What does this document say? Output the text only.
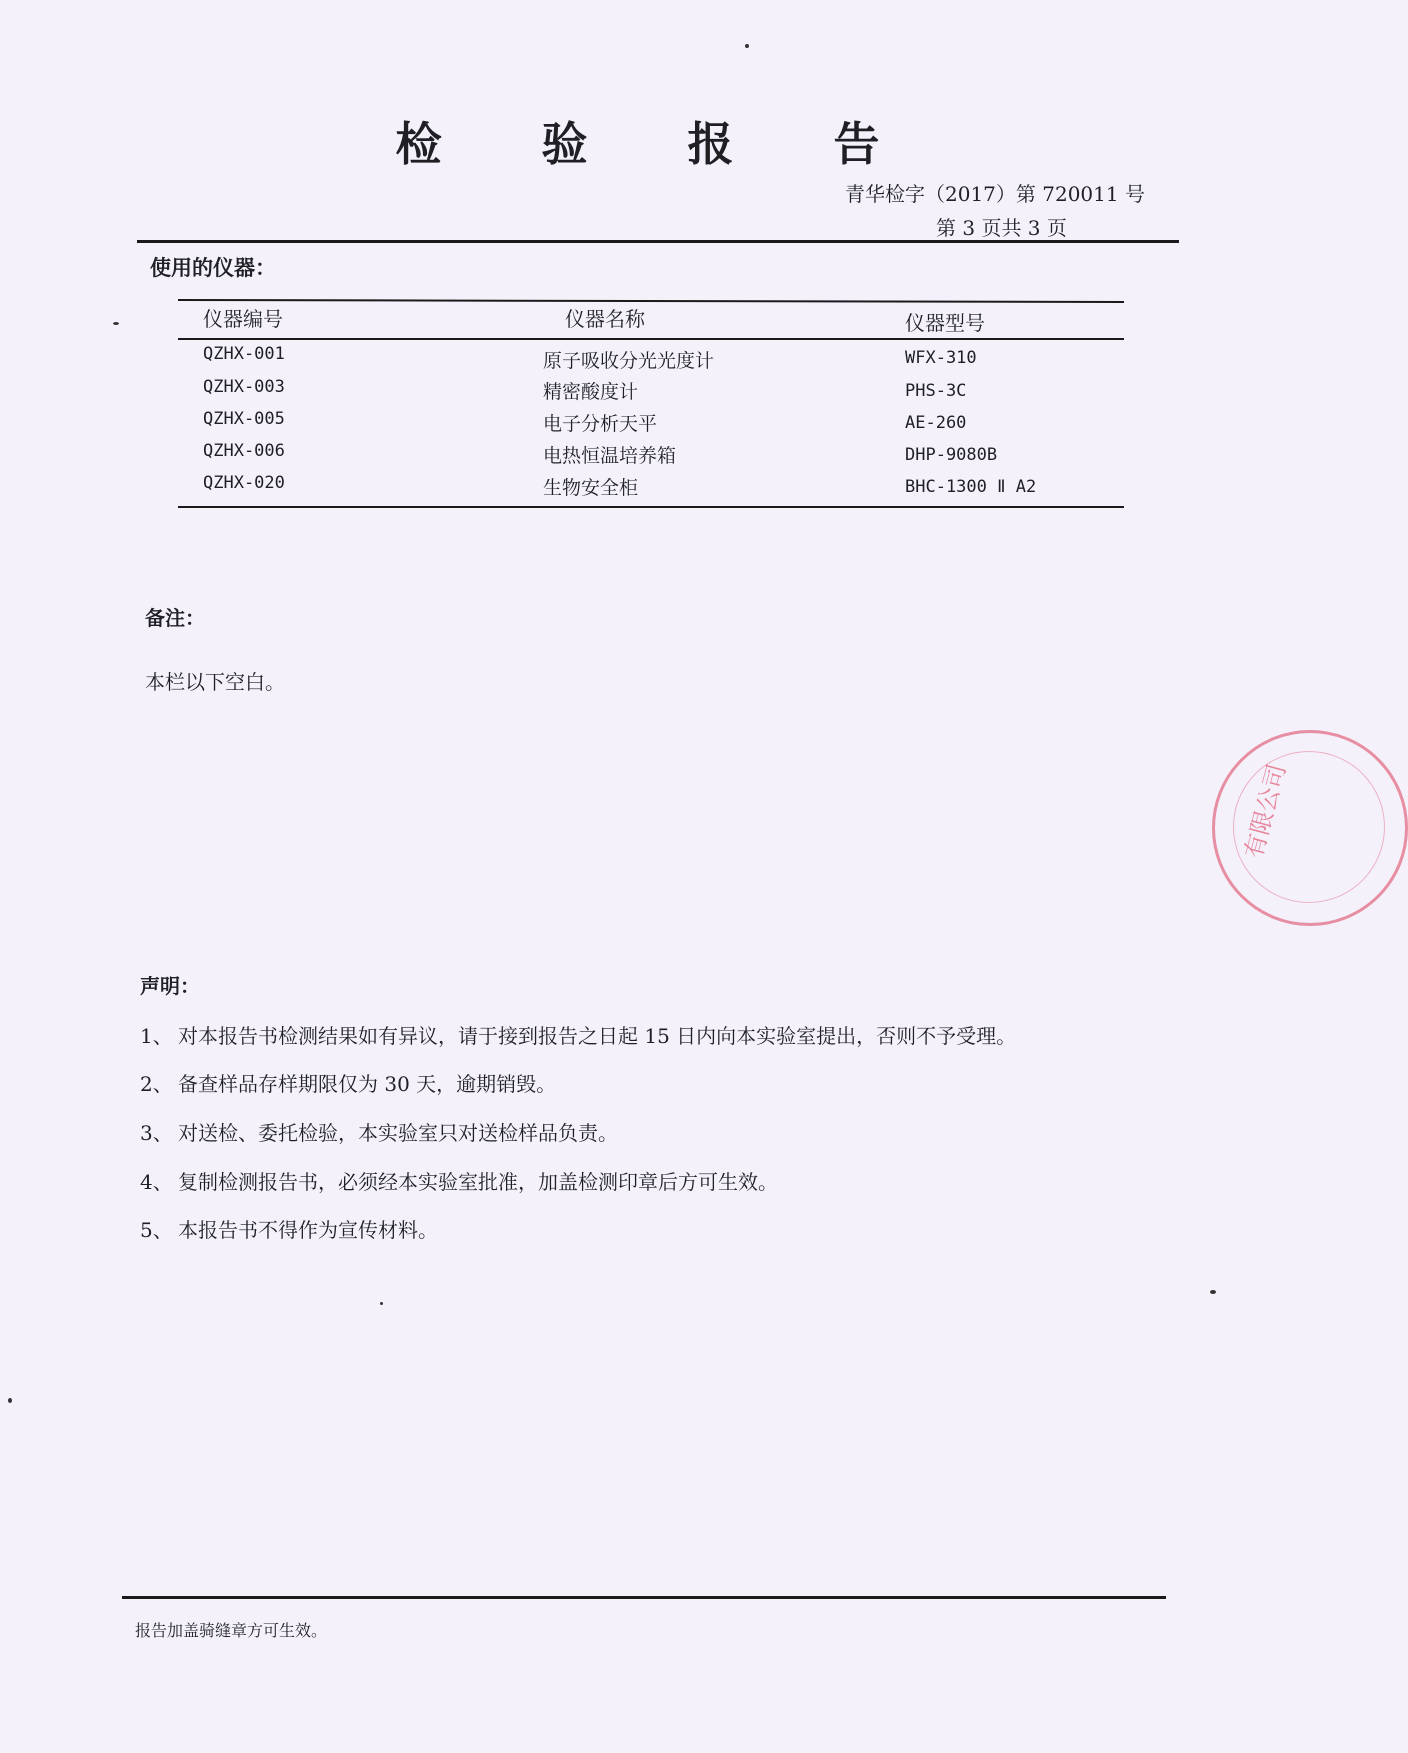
检 验 报 告
青华检字（2017）第 720011 号
第 3 页共 3 页
使用的仪器：
仪器编号	仪器名称	仪器型号
QZHX-001	原子吸收分光光度计	WFX-310
QZHX-003	精密酸度计	PHS-3C
QZHX-005	电子分析天平	AE-260
QZHX-006	电热恒温培养箱	DHP-9080B
QZHX-020	生物安全柜	BHC-1300 Ⅱ A2
备注：
本栏以下空白。
声明：
1、 对本报告书检测结果如有异议，请于接到报告之日起 15 日内向本实验室提出，否则不予受理。
2、 备查样品存样期限仅为 30 天，逾期销毁。
3、 对送检、委托检验，本实验室只对送检样品负责。
4、 复制检测报告书，必须经本实验室批准，加盖检测印章后方可生效。
5、 本报告书不得作为宣传材料。
报告加盖骑缝章方可生效。
有限公司
